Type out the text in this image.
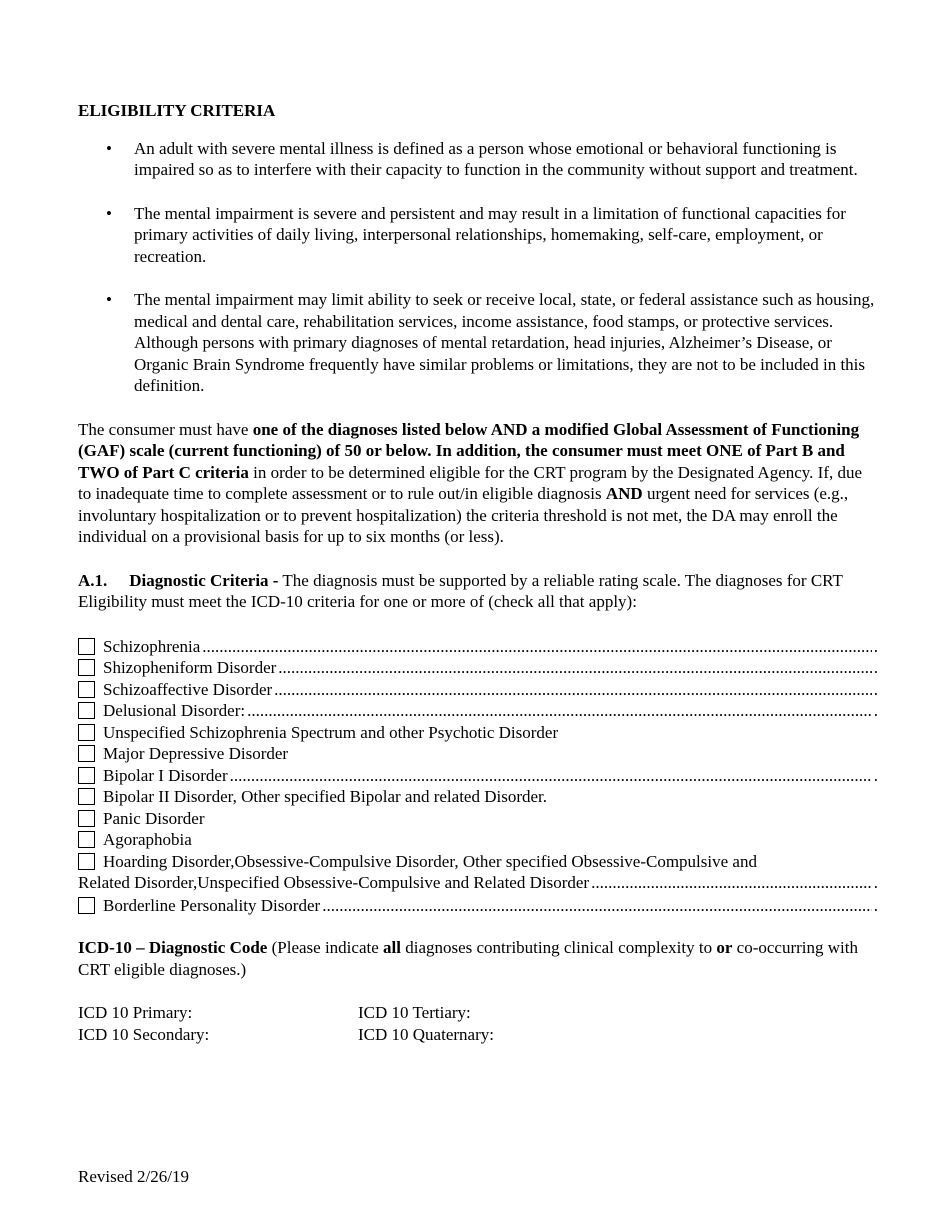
ELIGIBILITY CRITERIA

• An adult with severe mental illness is defined as a person whose emotional or behavioral functioning is impaired so as to interfere with their capacity to function in the community without support and treatment.
• The mental impairment is severe and persistent and may result in a limitation of functional capacities for primary activities of daily living, interpersonal relationships, homemaking, self-care, employment, or recreation.
• The mental impairment may limit ability to seek or receive local, state, or federal assistance such as housing, medical and dental care, rehabilitation services, income assistance, food stamps, or protective services. Although persons with primary diagnoses of mental retardation, head injuries, Alzheimer’s Disease, or Organic Brain Syndrome frequently have similar problems or limitations, they are not to be included in this definition.

The consumer must have one of the diagnoses listed below AND a modified Global Assessment of Functioning (GAF) scale (current functioning) of 50 or below. In addition, the consumer must meet ONE of Part B and TWO of Part C criteria in order to be determined eligible for the CRT program by the Designated Agency. If, due to inadequate time to complete assessment or to rule out/in eligible diagnosis AND urgent need for services (e.g., involuntary hospitalization or to prevent hospitalization) the criteria threshold is not met, the DA may enroll the individual on a provisional basis for up to six months (or less).

A.1. Diagnostic Criteria - The diagnosis must be supported by a reliable rating scale. The diagnoses for CRT Eligibility must meet the ICD-10 criteria for one or more of (check all that apply):

Schizophrenia .....	.
Shizopheniform Disorder .....	.
Schizoaffective Disorder .....	.
Delusional Disorder: .....	.
Unspecified Schizophrenia Spectrum and other Psychotic Disorder
Major Depressive Disorder
Bipolar I Disorder .....	.
Bipolar II Disorder, Other specified Bipolar and related Disorder.
Panic Disorder
Agoraphobia
Hoarding Disorder,Obsessive-Compulsive Disorder, Other specified Obsessive-Compulsive and
Related Disorder,Unspecified Obsessive-Compulsive and Related Disorder .....	.
Borderline Personality Disorder .....	.

ICD-10 – Diagnostic Code (Please indicate all diagnoses contributing clinical complexity to or co-occurring with CRT eligible diagnoses.)

ICD 10 Primary:	ICD 10 Tertiary:
ICD 10 Secondary:	ICD 10 Quaternary:
Revised 2/26/19
